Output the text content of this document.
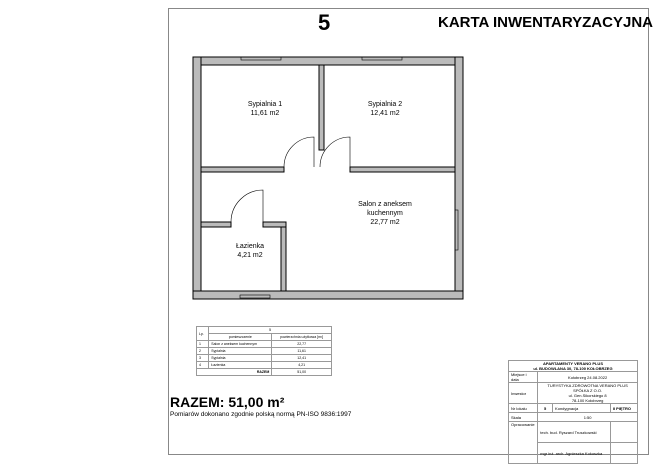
5	KARTA INWENTARYZACYJNA
Sypialnia 1
11,61 m2
Sypialnia 2
12,41 m2
Salon z aneksem kuchennym
22,77 m2
Łazienka
4,21 m2
Lp.	5	
	pomieszczenie	powierzchnia użytkowa [m²]
1	Salon z aneksem kuchennym	22,77
2	Sypialnia	11,61
3	Sypialnia	12,41
4	Łazienka	4,21
RAZEM		51,00
RAZEM: 51,00 m²
Pomiarów dokonano zgodnie polską normą PN-ISO 9836:1997
APARTAMENTY VERANO PLUS
ul. BUDOWLANA 30, 78-100 KOŁOBRZEG			

Miejsce i data	Kołobrzeg 24.08.2022		
Inwestor	TURYSTYKA ZDROWOTNA VERANO PLUS SPÓŁKA Z O.O.
ul. Gen.Sikorskiego 8
78-100 Kołobrzeg		

Nr lokalu	5	Kondygnacja	II PIĘTRO
Skala	1:50		
Opracowanie	tech. bud. Ryszard Truszkowski		
	mgr inż. arch. Agnieszka Kokoszka		
